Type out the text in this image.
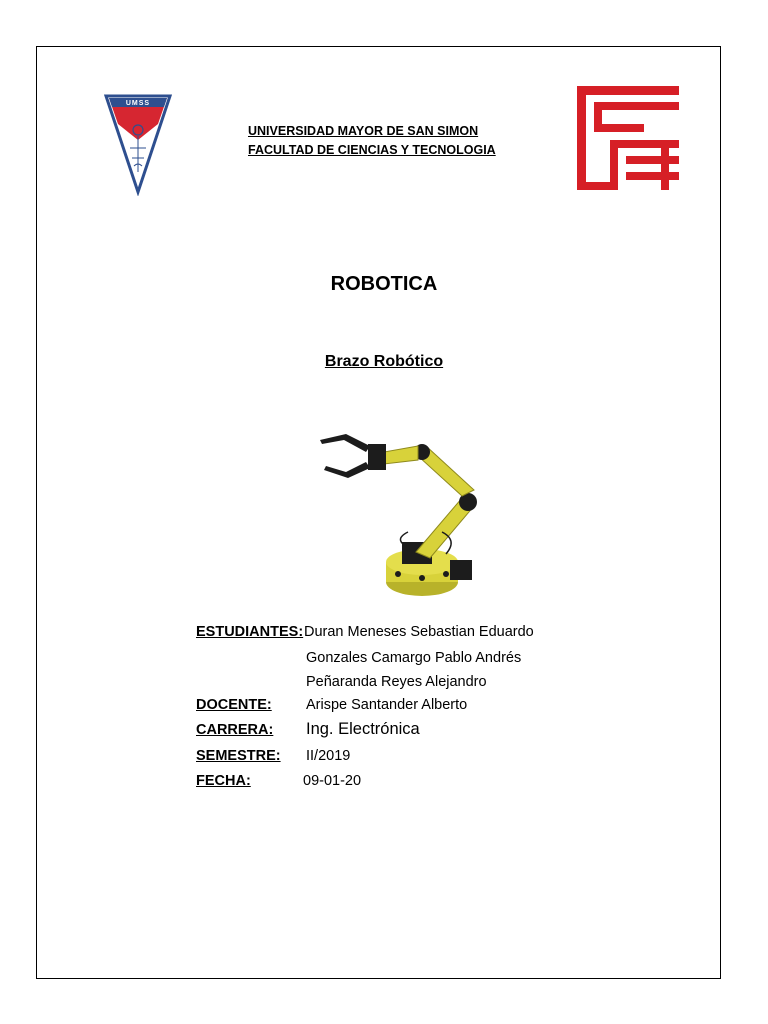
UMSS
UNIVERSIDAD MAYOR DE SAN SIMON
FACULTAD DE CIENCIAS Y TECNOLOGIA
ROBOTICA
Brazo Robótico
ESTUDIANTES: Duran Meneses Sebastian Eduardo
Gonzales Camargo Pablo Andrés
Peñaranda Reyes Alejandro
DOCENTE: Arispe Santander Alberto
CARRERA: Ing. Electrónica
SEMESTRE: II/2019
FECHA:	09-01-20
